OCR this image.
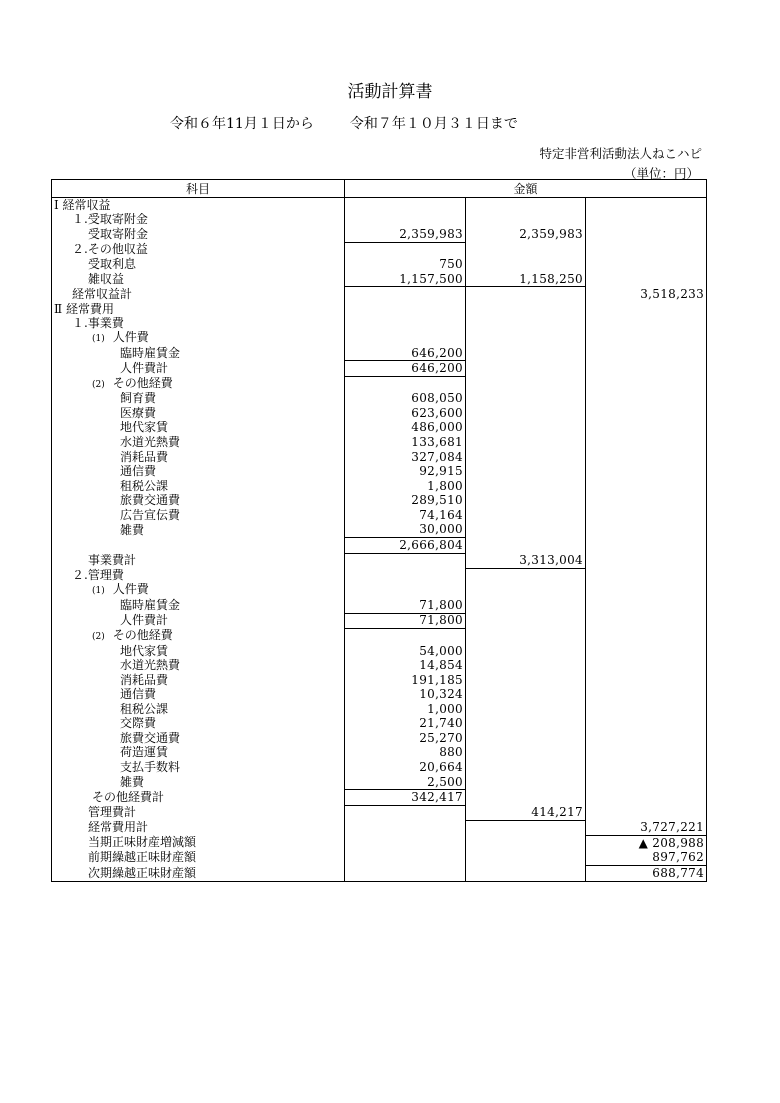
活動計算書
令和６年11月１日から	令和７年１０月３１日まで
特定非営利活動法人ねこハピ
（単位：円）
科目	金額		
Ⅰ 経常収益			
１.受取寄附金			
受取寄附金	2,359,983	2,359,983	
２.その他収益			
受取利息	750		
雑収益	1,157,500	1,158,250	
経常収益計			3,518,233
Ⅱ 経常費用			
１.事業費			
(1) 人件費			
臨時雇賃金	646,200		
人件費計	646,200		
(2) その他経費			
飼育費	608,050		
医療費	623,600		
地代家賃	486,000		
水道光熱費	133,681		
消耗品費	327,084		
通信費	92,915		
租税公課	1,800		
旅費交通費	289,510		
広告宣伝費	74,164		
雑費	30,000		
	2,666,804		
事業費計		3,313,004	
２.管理費			
(1) 人件費			
臨時雇賃金	71,800		
人件費計	71,800		
(2) その他経費			
地代家賃	54,000		
水道光熱費	14,854		
消耗品費	191,185		
通信費	10,324		
租税公課	1,000		
交際費	21,740		
旅費交通費	25,270		
荷造運賃	880		
支払手数料	20,664		
雑費	2,500		
その他経費計	342,417		
管理費計		414,217	
経常費用計			3,727,221
当期正味財産増減額			▲ 208,988
前期繰越正味財産額			897,762
次期繰越正味財産額			688,774
